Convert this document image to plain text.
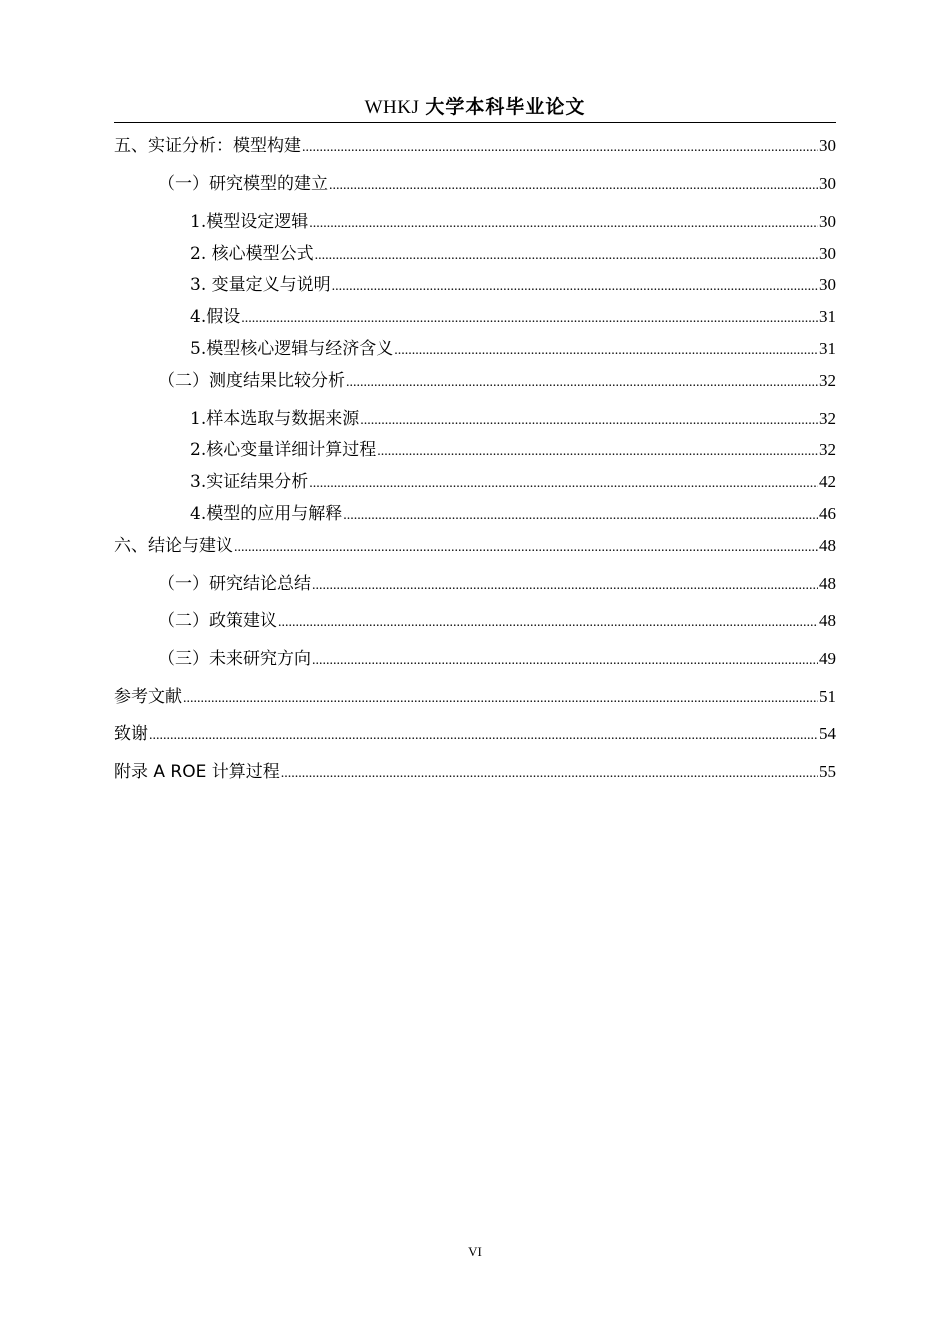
WHKJ 大学本科毕业论文
五、实证分析：模型构建 .....	30
（一）研究模型的建立 .....	30
1.模型设定逻辑 .....	30
2. 核心模型公式 .....	30
3. 变量定义与说明 .....	30
4.假设 .....	31
5.模型核心逻辑与经济含义 .....	31
（二）测度结果比较分析 .....	32
1.样本选取与数据来源 .....	32
2.核心变量详细计算过程 .....	32
3.实证结果分析 .....	42
4.模型的应用与解释 .....	46
六、结论与建议 .....	48
（一）研究结论总结 .....	48
（二）政策建议 .....	48
（三）未来研究方向 .....	49
参考文献 .....	51
致谢 .....	54
附录 A ROE 计算过程 .....	55
VI
